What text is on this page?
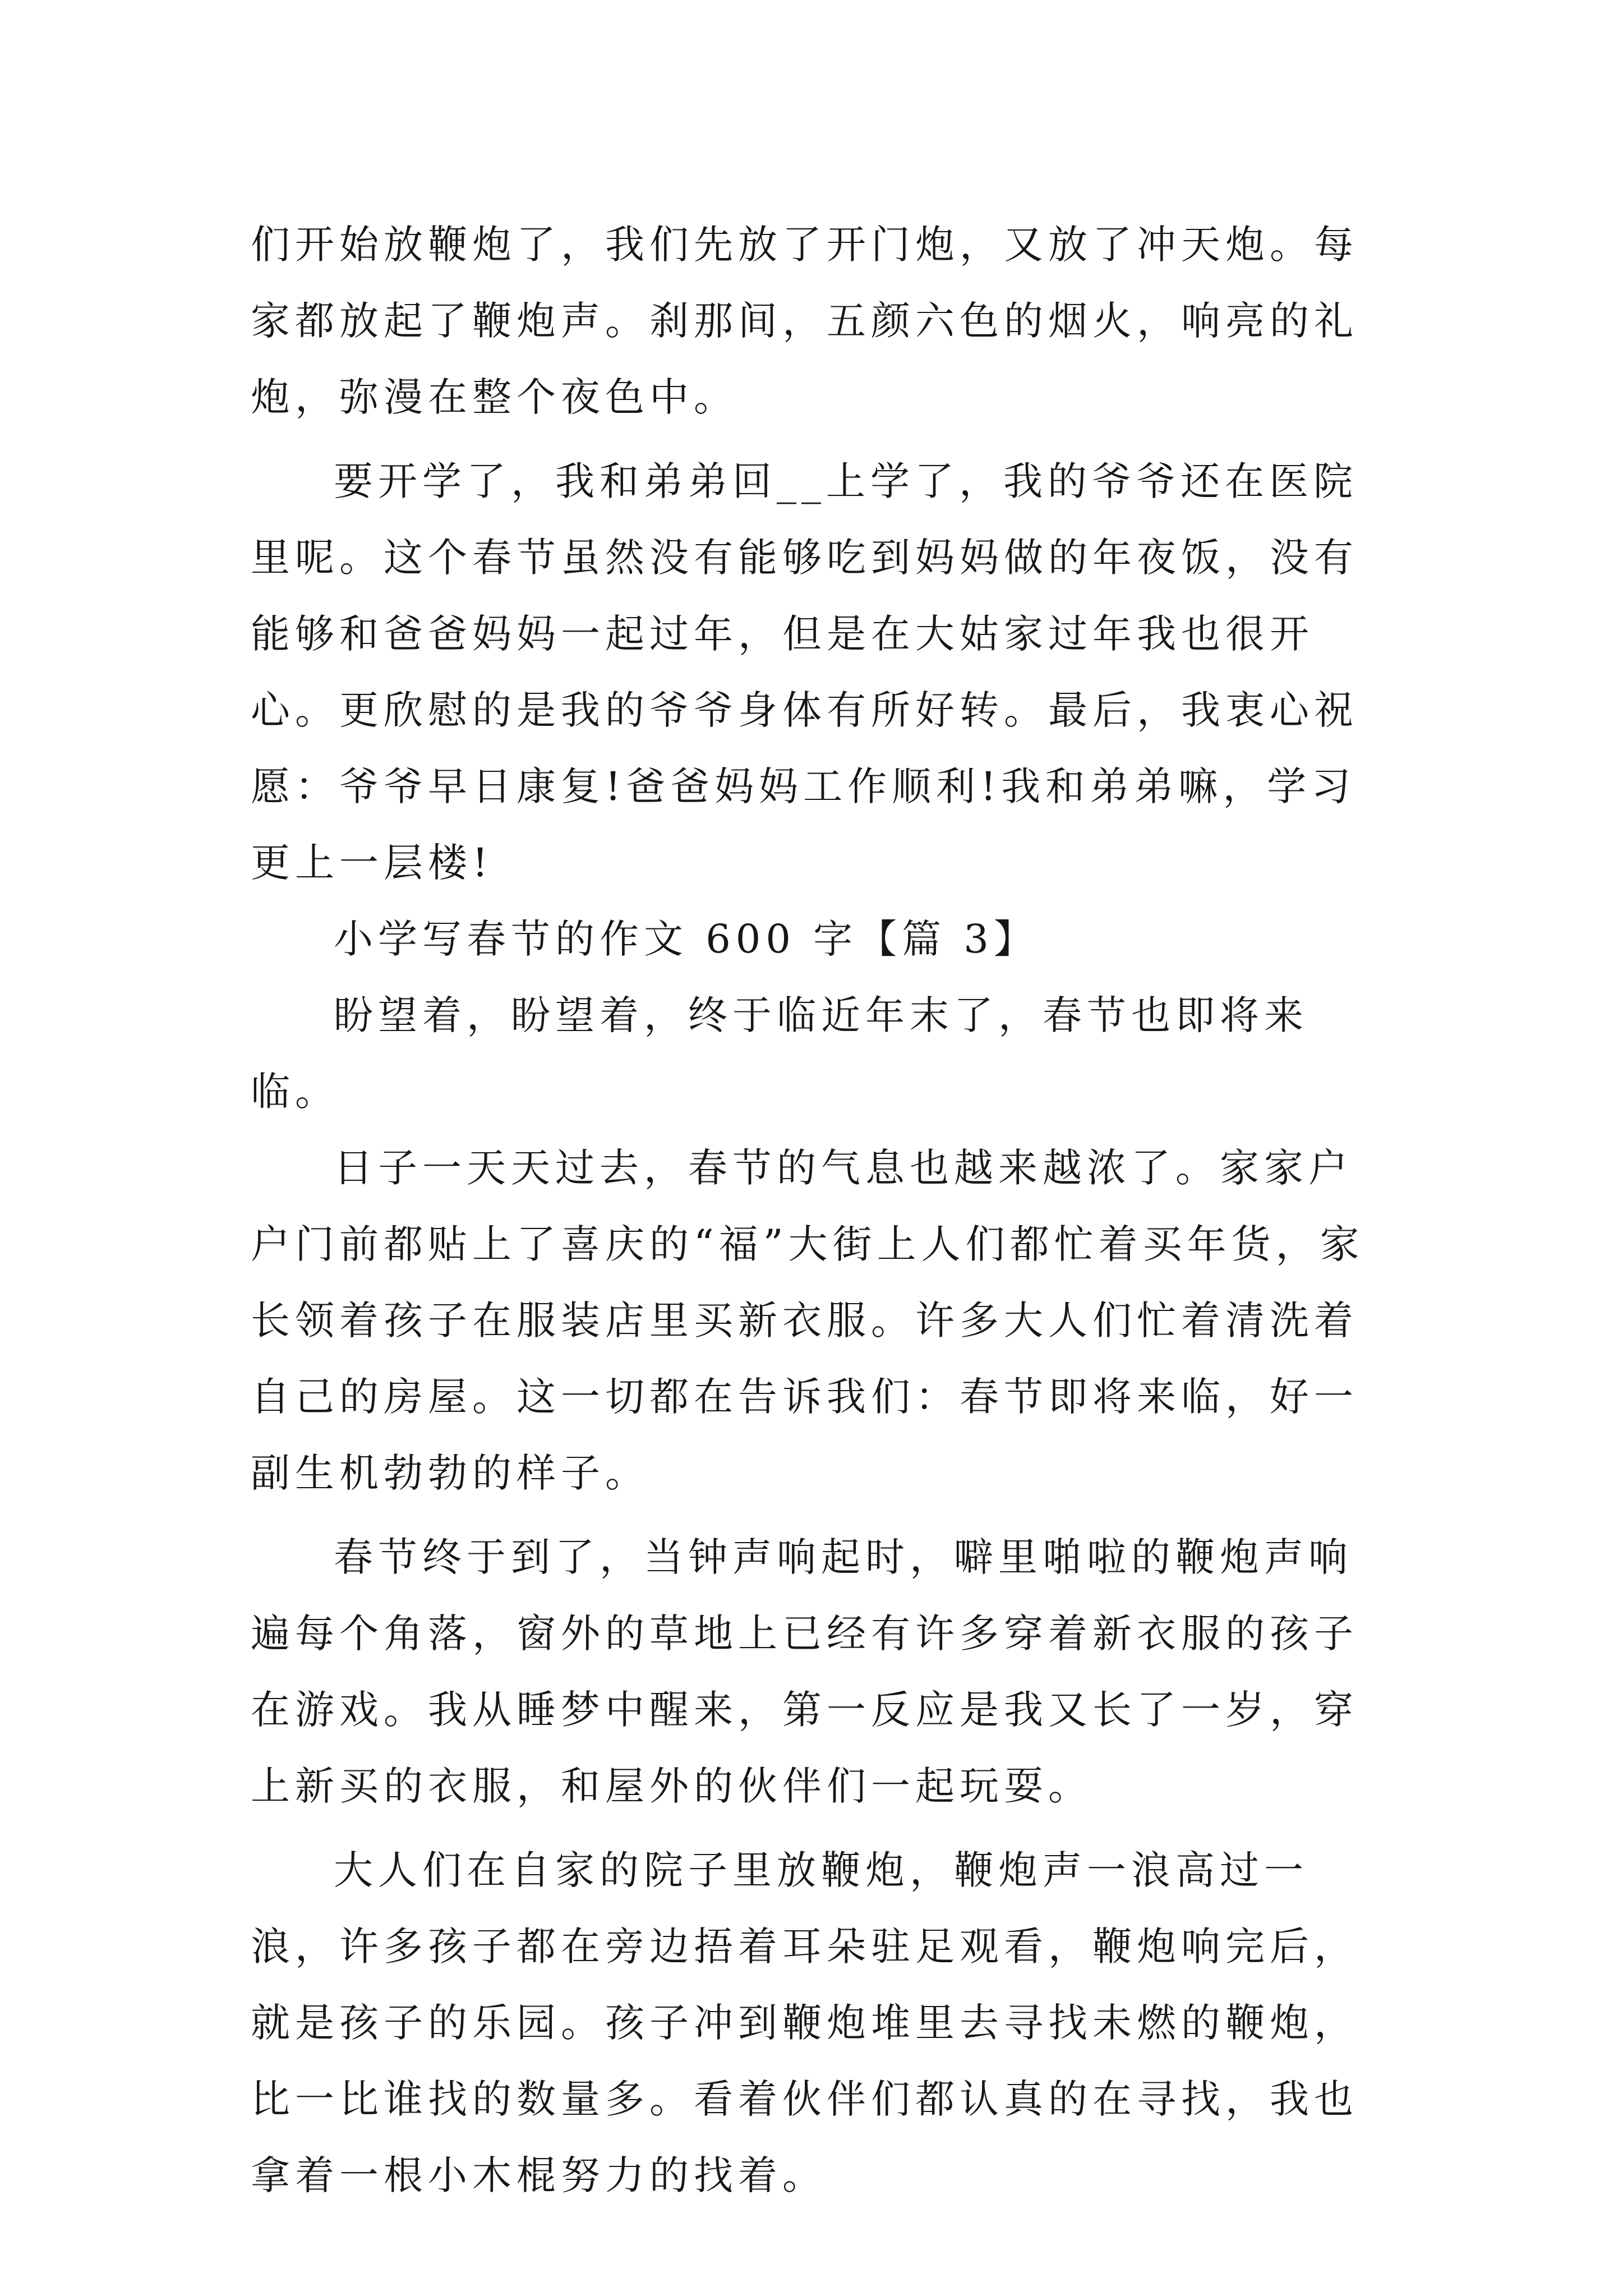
们开始放鞭炮了，我们先放了开门炮，又放了冲天炮。每家都放起了鞭炮声。刹那间，五颜六色的烟火，响亮的礼炮，弥漫在整个夜色中。

要开学了，我和弟弟回__上学了，我的爷爷还在医院里呢。这个春节虽然没有能够吃到妈妈做的年夜饭，没有能够和爸爸妈妈一起过年，但是在大姑家过年我也很开心。更欣慰的是我的爷爷身体有所好转。最后，我衷心祝愿：爷爷早日康复!爸爸妈妈工作顺利!我和弟弟嘛，学习更上一层楼!

小学写春节的作文 600 字【篇 3】

盼望着，盼望着，终于临近年末了，春节也即将来临。

日子一天天过去，春节的气息也越来越浓了。家家户户门前都贴上了喜庆的“福”大街上人们都忙着买年货，家长领着孩子在服装店里买新衣服。许多大人们忙着清洗着自己的房屋。这一切都在告诉我们：春节即将来临，好一副生机勃勃的样子。

春节终于到了，当钟声响起时，噼里啪啦的鞭炮声响遍每个角落，窗外的草地上已经有许多穿着新衣服的孩子在游戏。我从睡梦中醒来，第一反应是我又长了一岁，穿上新买的衣服，和屋外的伙伴们一起玩耍。

大人们在自家的院子里放鞭炮，鞭炮声一浪高过一浪，许多孩子都在旁边捂着耳朵驻足观看，鞭炮响完后，就是孩子的乐园。孩子冲到鞭炮堆里去寻找未燃的鞭炮，比一比谁找的数量多。看着伙伴们都认真的在寻找，我也拿着一根小木棍努力的找着。
